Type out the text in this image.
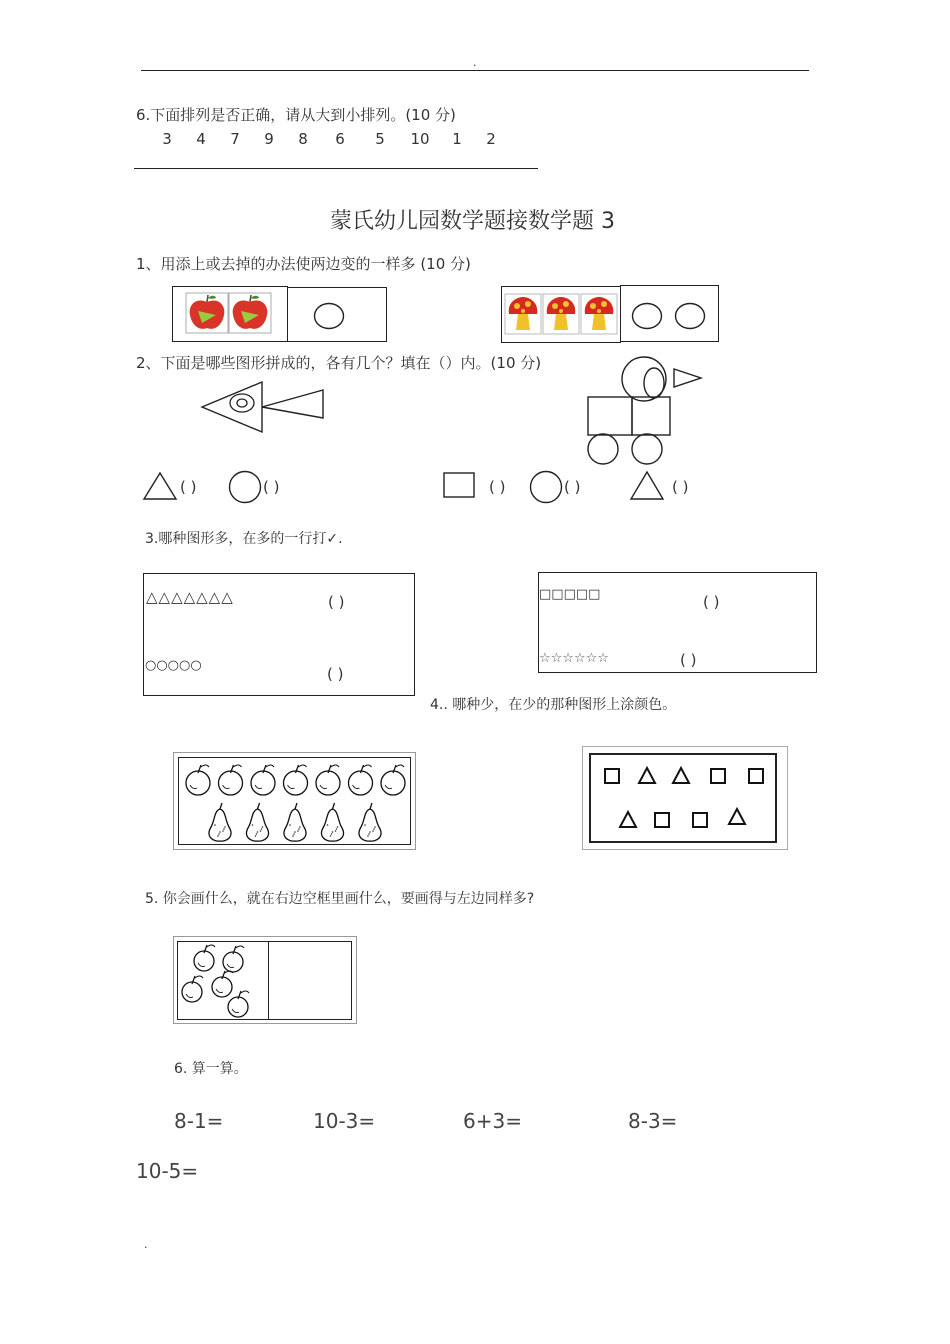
.
6.下面排列是否正确，请从大到小排列。(10 分)
3 4 7 9 8 6 5 10 1 2
蒙氏幼儿园数学题接数学题 3
1、用添上或去掉的办法使两边变的一样多 (10 分)
2、下面是哪些图形拼成的，各有几个？填在（）内。(10 分)
( )	( )	( )	( )	( )
3.哪种图形多，在多的一行打✓.
△△△△△△△	( )
○○○○○	( )
□□□□□	( )
☆☆☆☆☆☆	( )
4.. 哪种少，在少的那种图形上涂颜色。
5. 你会画什么，就在右边空框里画什么，要画得与左边同样多?
6. 算一算。
8-1=	10-3=	6+3=	8-3=
10-5=
.
